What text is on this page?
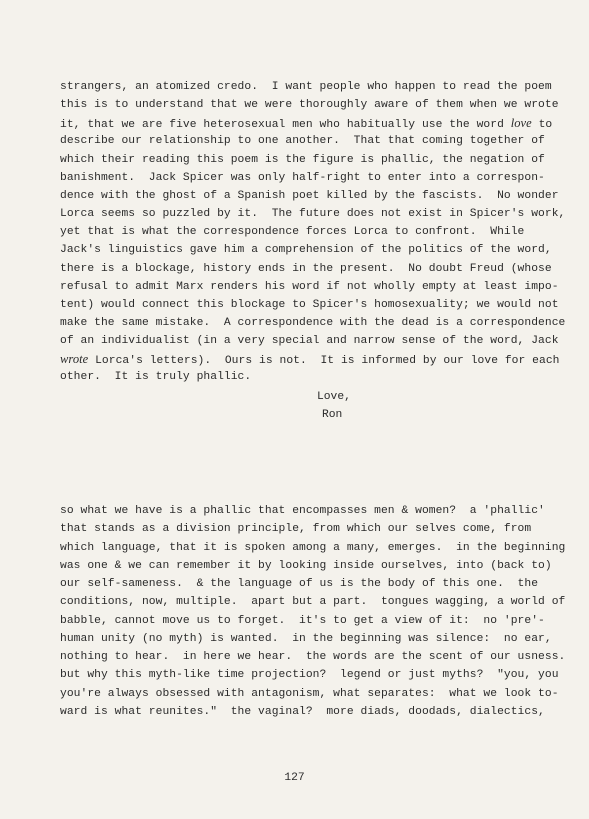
strangers, an atomized credo.  I want people who happen to read the poem
this is to understand that we were thoroughly aware of them when we wrote
it, that we are five heterosexual men who habitually use the word love to
describe our relationship to one another.  That that coming together of
which their reading this poem is the figure is phallic, the negation of
banishment.  Jack Spicer was only half-right to enter into a correspon-
dence with the ghost of a Spanish poet killed by the fascists.  No wonder
Lorca seems so puzzled by it.  The future does not exist in Spicer's work,
yet that is what the correspondence forces Lorca to confront.  While
Jack's linguistics gave him a comprehension of the politics of the word,
there is a blockage, history ends in the present.  No doubt Freud (whose
refusal to admit Marx renders his word if not wholly empty at least impo-
tent) would connect this blockage to Spicer's homosexuality; we would not
make the same mistake.  A correspondence with the dead is a correspondence
of an individualist (in a very special and narrow sense of the word, Jack
wrote Lorca's letters).  Ours is not.  It is informed by our love for each
other.  It is truly phallic.
Love,
Ron
so what we have is a phallic that encompasses men & women?  a 'phallic'
that stands as a division principle, from which our selves come, from
which language, that it is spoken among a many, emerges.  in the beginning
was one & we can remember it by looking inside ourselves, into (back to)
our self-sameness.  & the language of us is the body of this one.  the
conditions, now, multiple.  apart but a part.  tongues wagging, a world of
babble, cannot move us to forget.  it's to get a view of it:  no 'pre'-
human unity (no myth) is wanted.  in the beginning was silence:  no ear,
nothing to hear.  in here we hear.  the words are the scent of our usness.
but why this myth-like time projection?  legend or just myths?  "you, you
you're always obsessed with antagonism, what separates:  what we look to-
ward is what reunites."  the vaginal?  more diads, doodads, dialectics,
127
